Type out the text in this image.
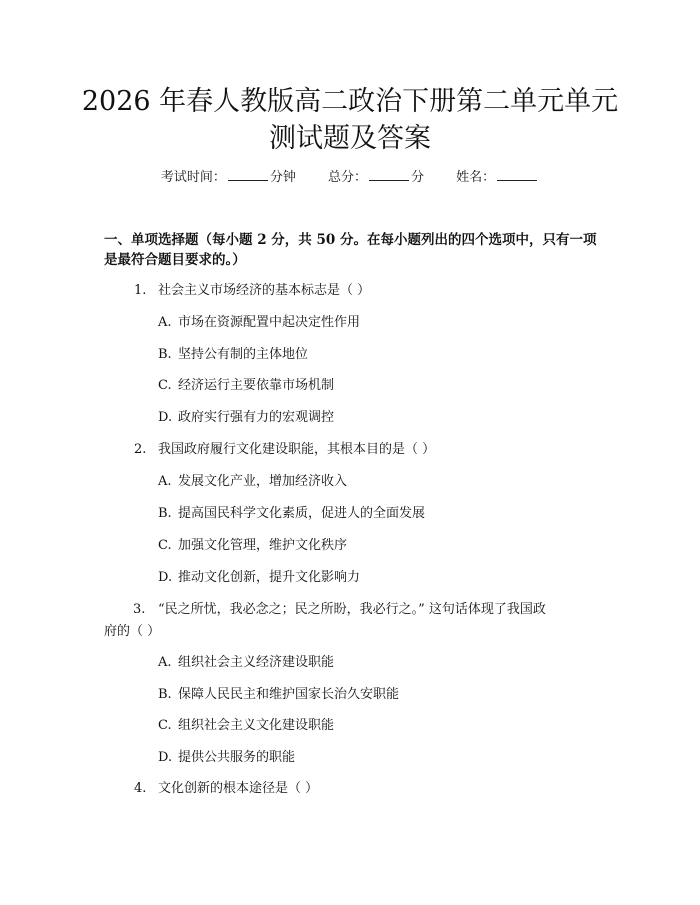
2026 年春人教版高二政治下册第二单元单元
测试题及答案
考试时间：	分钟 总分：	分 姓名：
一、单项选择题（每小题 2 分，共 50 分。在每小题列出的四个选项中，只有一项
是最符合题目要求的。）
1. 社会主义市场经济的基本标志是（ ）
A. 市场在资源配置中起决定性作用
B. 坚持公有制的主体地位
C. 经济运行主要依靠市场机制
D. 政府实行强有力的宏观调控
2. 我国政府履行文化建设职能，其根本目的是（ ）
A. 发展文化产业，增加经济收入
B. 提高国民科学文化素质，促进人的全面发展
C. 加强文化管理，维护文化秩序
D. 推动文化创新，提升文化影响力
3. “民之所忧，我必念之；民之所盼，我必行之。” 这句话体现了我国政
府的（ ）
A. 组织社会主义经济建设职能
B. 保障人民民主和维护国家长治久安职能
C. 组织社会主义文化建设职能
D. 提供公共服务的职能
4. 文化创新的根本途径是（ ）
